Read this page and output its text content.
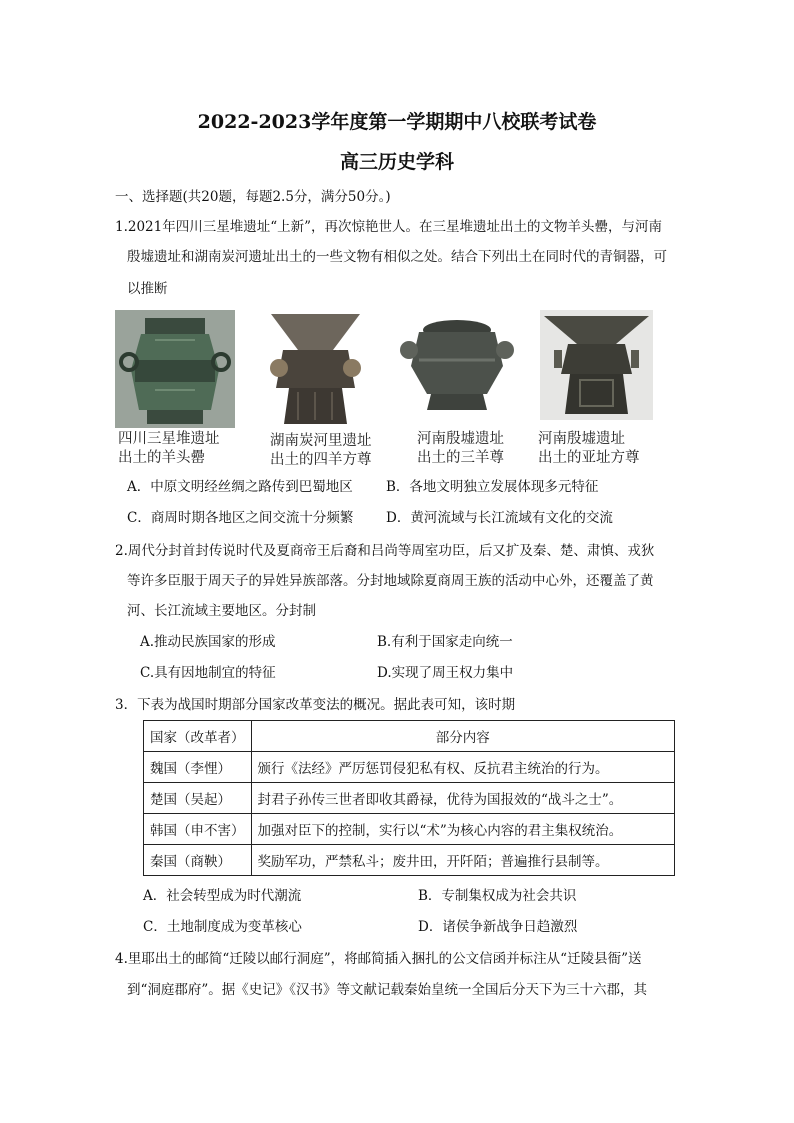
2022-2023学年度第一学期期中八校联考试卷
高三历史学科
一、选择题(共20题，每题2.5分，满分50分。)
1.2021年四川三星堆遗址“上新”，再次惊艳世人。在三星堆遗址出土的文物羊头罍，与河南
殷墟遗址和湖南炭河遗址出土的一些文物有相似之处。结合下列出土在同时代的青铜器，可
以推断
四川三星堆遗址
出土的羊头罍
湖南炭河里遗址
出土的四羊方尊
河南殷墟遗址
出土的三羊尊
河南殷墟遗址
出土的亚址方尊
A．中原文明经丝绸之路传到巴蜀地区 B．各地文明独立发展体现多元特征
C．商周时期各地区之间交流十分频繁 D．黄河流域与长江流域有文化的交流
2.周代分封首封传说时代及夏商帝王后裔和吕尚等周室功臣，后又扩及秦、楚、肃慎、戎狄
等许多臣服于周天子的异姓异族部落。分封地域除夏商周王族的活动中心外，还覆盖了黄
河、长江流域主要地区。分封制
A.推动民族国家的形成	B.有利于国家走向统一
C.具有因地制宜的特征	D.实现了周王权力集中
3．下表为战国时期部分国家改革变法的概况。据此表可知，该时期
国家（改革者）	部分内容
魏国（李悝）	颁行《法经》严厉惩罚侵犯私有权、反抗君主统治的行为。
楚国（吴起）	封君子孙传三世者即收其爵禄，优待为国报效的“战斗之士”。
韩国（申不害）	加强对臣下的控制，实行以“术”为核心内容的君主集权统治。
秦国（商鞅）	奖励军功，严禁私斗；废井田，开阡陌；普遍推行县制等。
A．社会转型成为时代潮流	B．专制集权成为社会共识
C．土地制度成为变革核心	D．诸侯争新战争日趋激烈
4.里耶出土的邮简“迁陵以邮行洞庭”，将邮简插入捆扎的公文信函并标注从“迁陵县衙”送
到“洞庭郡府”。据《史记》《汉书》等文献记载秦始皇统一全国后分天下为三十六郡，其
